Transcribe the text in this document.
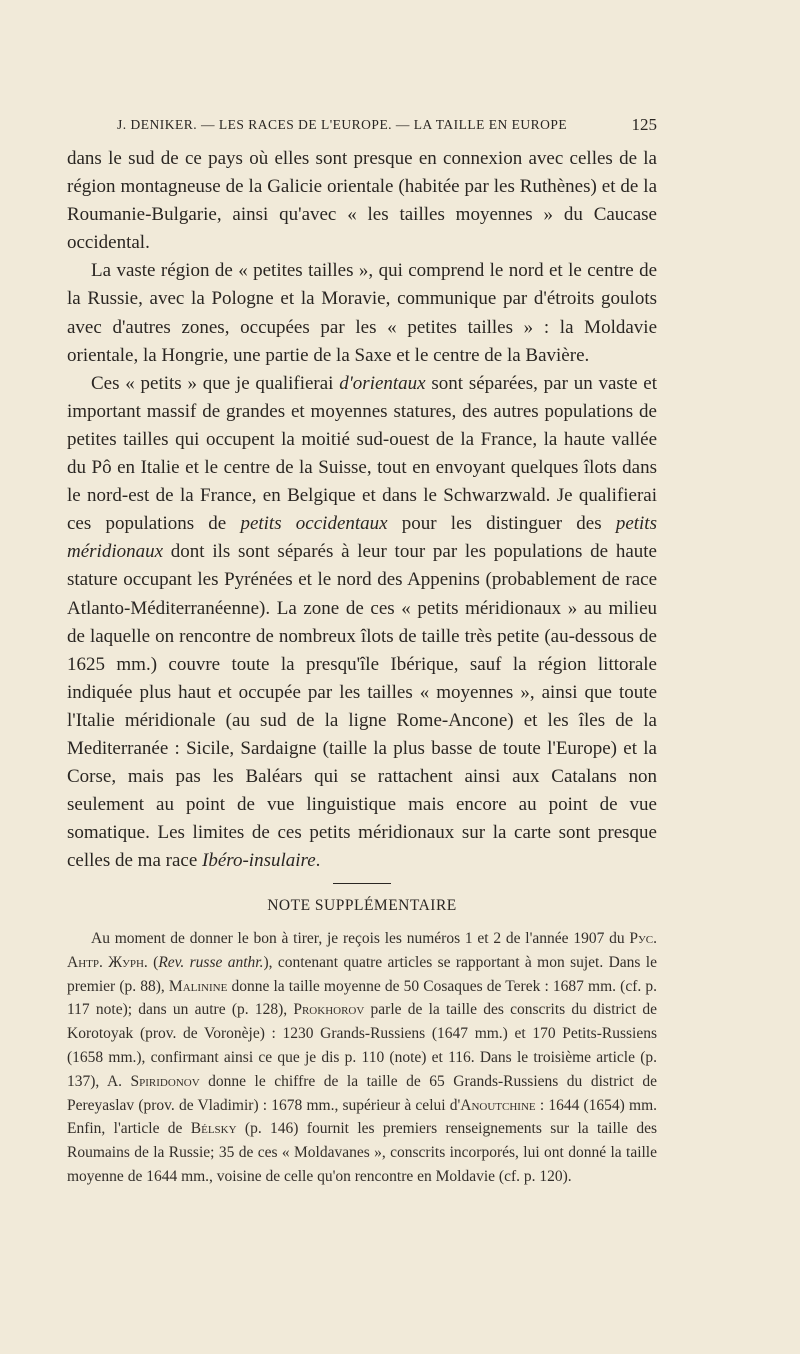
J. DENIKER. — LES RACES DE L'EUROPE. — LA TAILLE EN EUROPE	125

dans le sud de ce pays où elles sont presque en connexion avec celles de la région montagneuse de la Galicie orientale (habitée par les Ruthènes) et de la Roumanie-Bulgarie, ainsi qu'avec « les tailles moyennes » du Caucase occidental.

La vaste région de « petites tailles », qui comprend le nord et le centre de la Russie, avec la Pologne et la Moravie, communique par d'étroits goulots avec d'autres zones, occupées par les « petites tailles » : la Moldavie orientale, la Hongrie, une partie de la Saxe et le centre de la Bavière.

Ces « petits » que je qualifierai d'orientaux sont séparées, par un vaste et important massif de grandes et moyennes statures, des autres populations de petites tailles qui occupent la moitié sud-ouest de la France, la haute vallée du Pô en Italie et le centre de la Suisse, tout en envoyant quelques îlots dans le nord-est de la France, en Belgique et dans le Schwarzwald. Je qualifierai ces populations de petits occidentaux pour les distinguer des petits méridionaux dont ils sont séparés à leur tour par les populations de haute stature occupant les Pyrénées et le nord des Appenins (probablement de race Atlanto-Méditerranéenne). La zone de ces « petits méridionaux » au milieu de laquelle on rencontre de nombreux îlots de taille très petite (au-dessous de 1625 mm.) couvre toute la presqu'île Ibérique, sauf la région littorale indiquée plus haut et occupée par les tailles « moyennes », ainsi que toute l'Italie méridionale (au sud de la ligne Rome-Ancone) et les îles de la Mediterranée : Sicile, Sardaigne (taille la plus basse de toute l'Europe) et la Corse, mais pas les Baléars qui se rattachent ainsi aux Catalans non seulement au point de vue linguistique mais encore au point de vue somatique. Les limites de ces petits méridionaux sur la carte sont presque celles de ma race Ibéro-insulaire.

NOTE SUPPLÉMENTAIRE

Au moment de donner le bon à tirer, je reçois les numéros 1 et 2 de l'année 1907 du Рус. Антр. Журн. (Rev. russe anthr.), contenant quatre articles se rapportant à mon sujet. Dans le premier (p. 88), Malinine donne la taille moyenne de 50 Cosaques de Terek : 1687 mm. (cf. p. 117 note); dans un autre (p. 128), Prokhorov parle de la taille des conscrits du district de Korotoyak (prov. de Voronèje) : 1230 Grands-Russiens (1647 mm.) et 170 Petits-Russiens (1658 mm.), confirmant ainsi ce que je dis p. 110 (note) et 116. Dans le troisième article (p. 137), A. Spiridonov donne le chiffre de la taille de 65 Grands-Russiens du district de Pereyaslav (prov. de Vladimir) : 1678 mm., supérieur à celui d'Anoutchine : 1644 (1654) mm. Enfin, l'article de Bélsky (p. 146) fournit les premiers renseignements sur la taille des Roumains de la Russie; 35 de ces « Moldavanes », conscrits incorporés, lui ont donné la taille moyenne de 1644 mm., voisine de celle qu'on rencontre en Moldavie (cf. p. 120).
